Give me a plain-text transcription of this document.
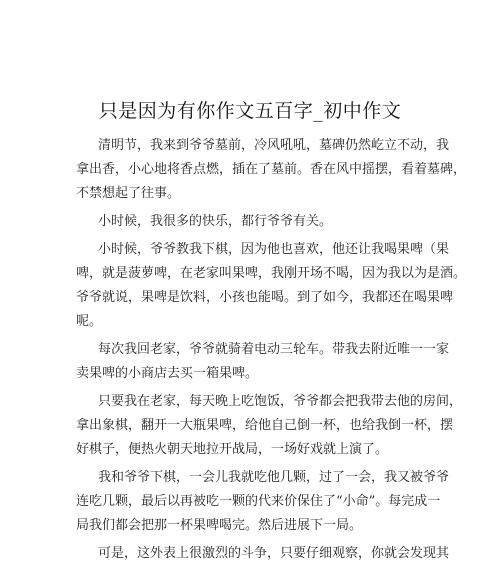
只是因为有你作文五百字_初中作文

清明节，我来到爷爷墓前，冷风吼吼，墓碑仍然屹立不动，我
拿出香，小心地将香点燃，插在了墓前。香在风中摇摆，看着墓碑，
不禁想起了往事。

小时候，我很多的快乐，都行爷爷有关。

小时候，爷爷教我下棋，因为他也喜欢，他还让我喝果啤（果
啤，就是菠萝啤，在老家叫果啤，我刚开场不喝，因为我以为是酒。
爷爷就说，果啤是饮料，小孩也能喝。到了如今，我都还在喝果啤
呢。

每次我回老家，爷爷就骑着电动三轮车。带我去附近唯一一家
卖果啤的小商店去买一箱果啤。

只要我在老家，每天晚上吃饱饭，爷爷都会把我带去他的房间，
拿出象棋，翻开一大瓶果啤，给他自己倒一杯，也给我倒一杯，摆
好棋子，便热火朝天地拉开战局，一场好戏就上演了。

我和爷爷下棋，一会儿我就吃他几颗，过了一会，我又被爷爷
连吃几颗，最后以再被吃一颗的代来价保住了“小命”。每完成一
局我们都会把那一杯果啤喝完。然后进展下一局。

可是，这外表上很激烈的斗争，只要仔细观察，你就会发现其
